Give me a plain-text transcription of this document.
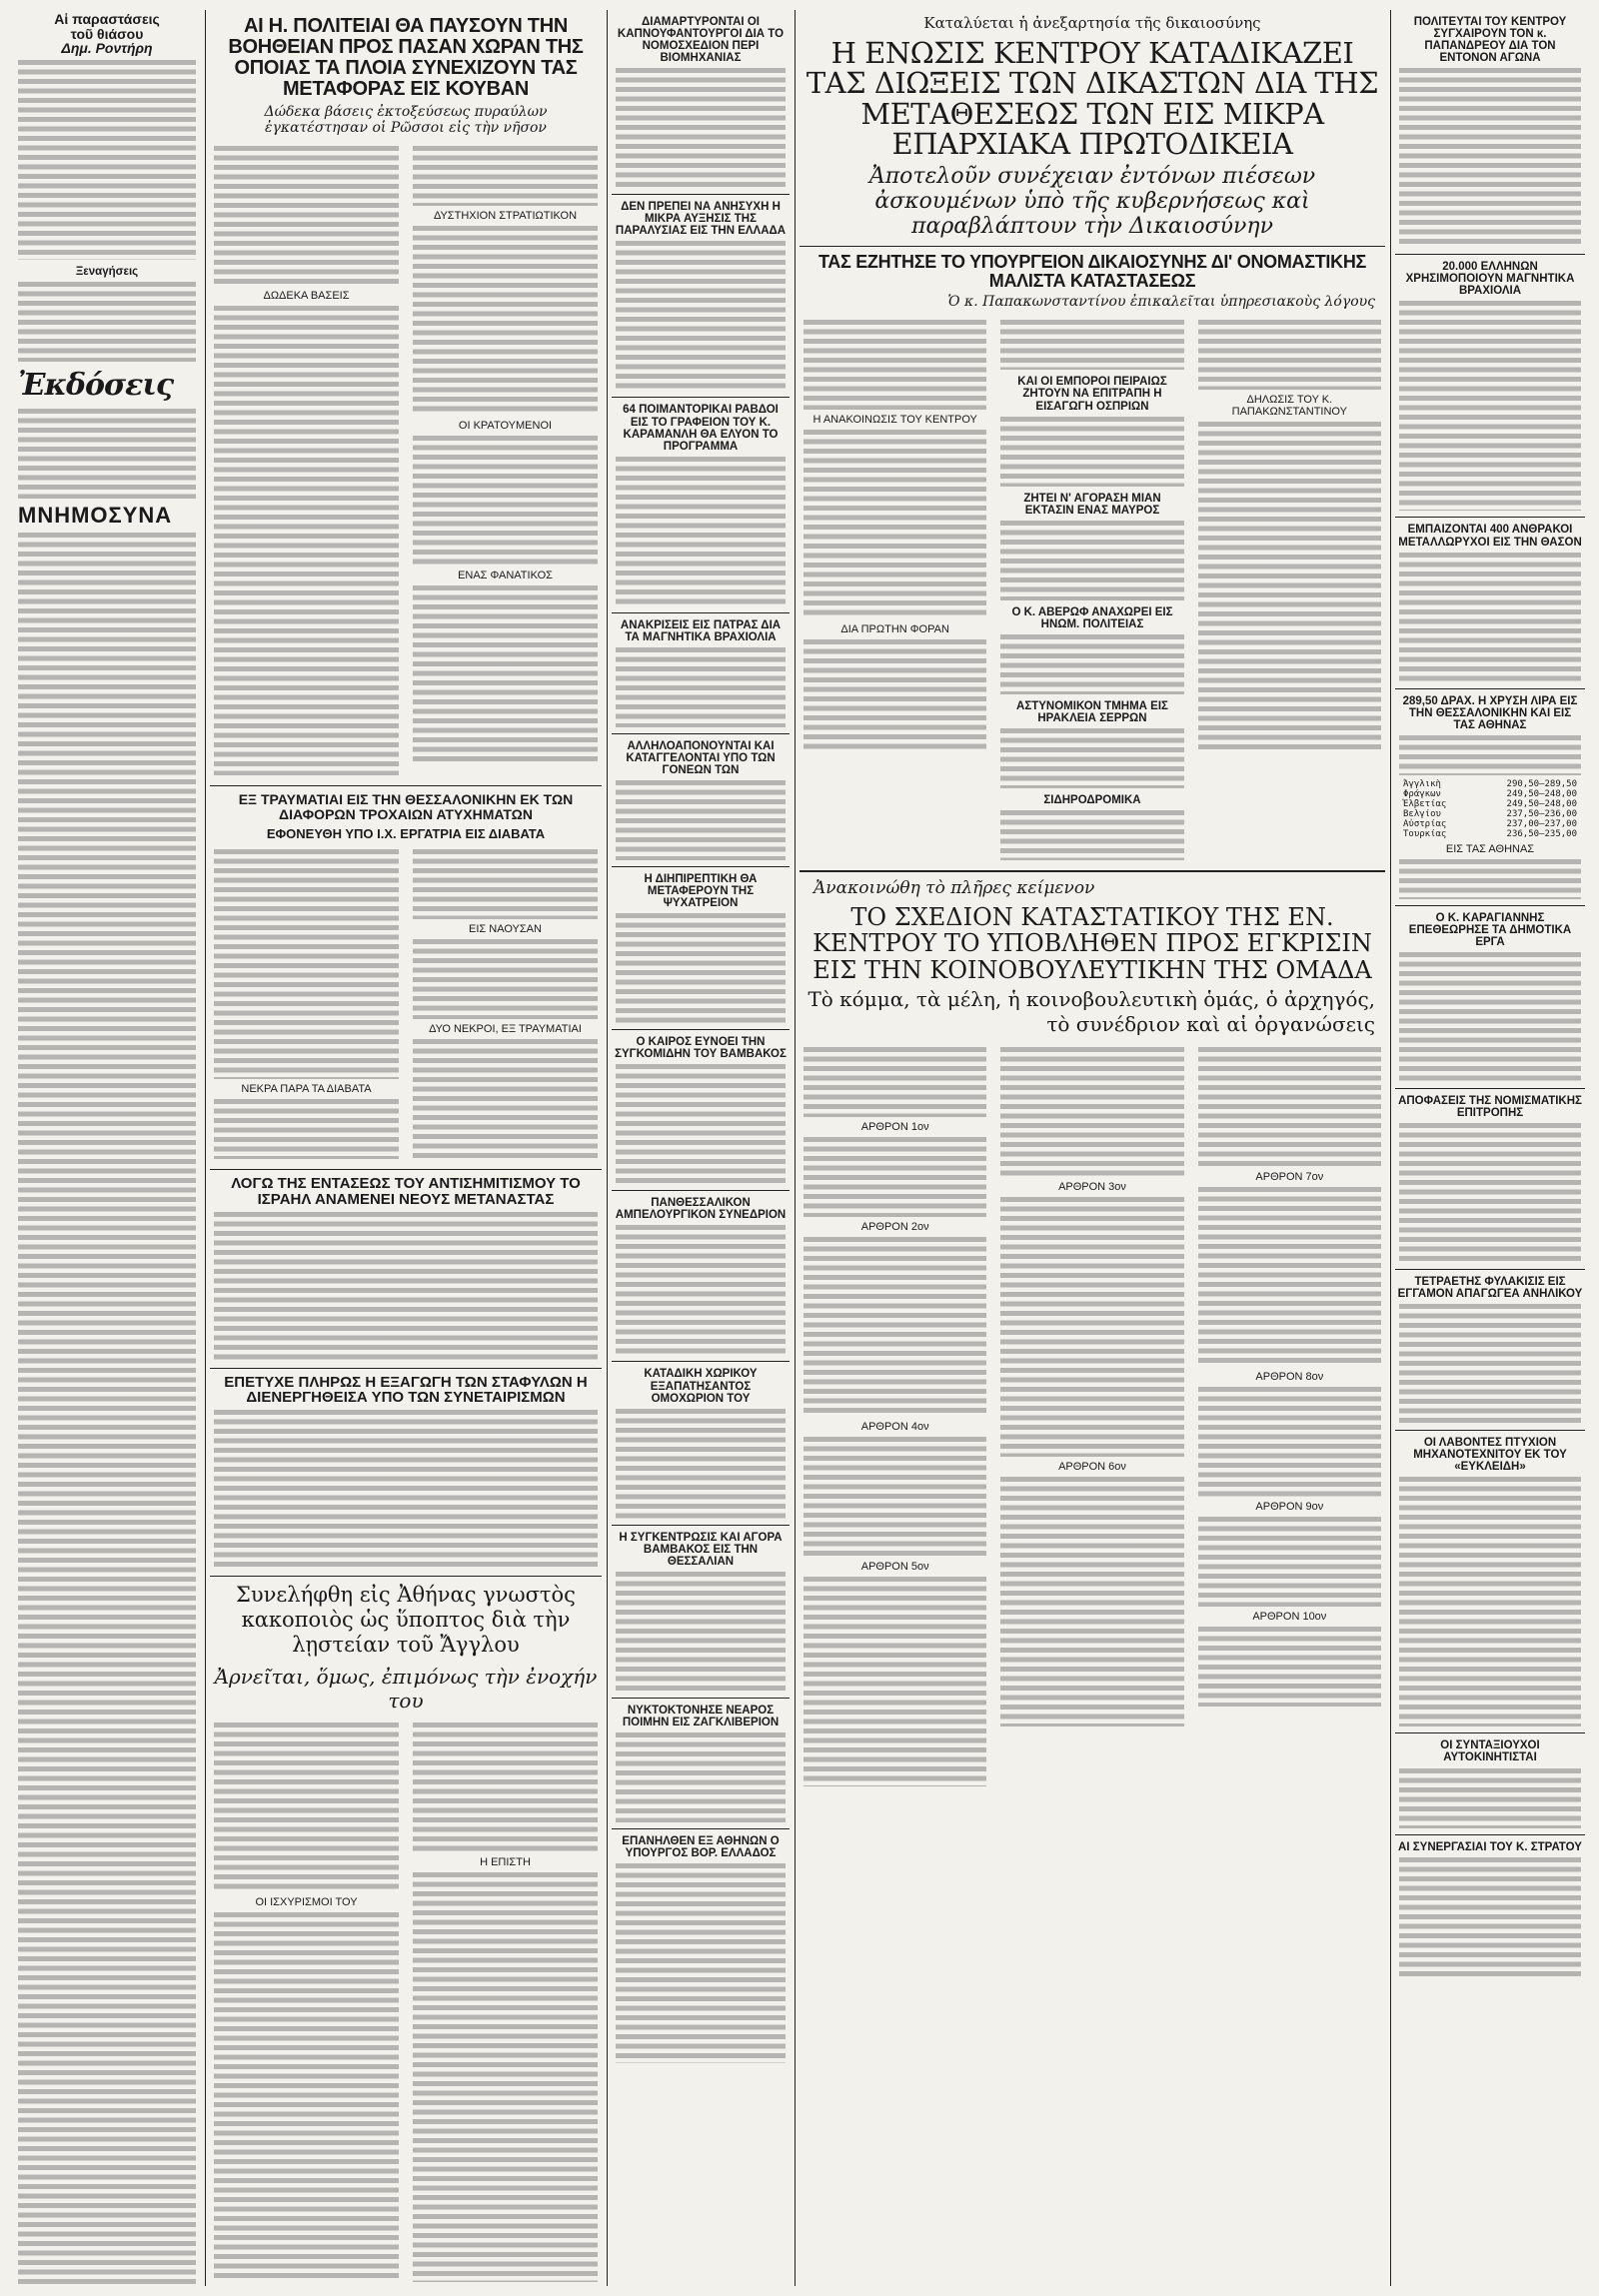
Αἱ παραστάσεις
τοῦ θιάσου
Δημ. Ροντήρη
Ξεναγήσεις
Ἐκδόσεις
ΜΝΗΜΟΣΥΝΑ
ΑΙ Η. ΠΟΛΙΤΕΙΑΙ ΘΑ ΠΑΥΣΟΥΝ ΤΗΝ ΒΟΗΘΕΙΑΝ ΠΡΟΣ ΠΑΣΑΝ ΧΩΡΑΝ ΤΗΣ ΟΠΟΙΑΣ ΤΑ ΠΛΟΙΑ ΣΥΝΕΧΙΖΟΥΝ ΤΑΣ ΜΕΤΑΦΟΡΑΣ ΕΙΣ ΚΟΥΒΑΝ
Δώδεκα βάσεις ἐκτοξεύσεως πυραύλων ἐγκατέστησαν οἱ Ρῶσσοι εἰς τὴν νῆσον
ΔΩΔΕΚΑ ΒΑΣΕΙΣ
ΔΥΣΤΗΧΙΟΝ ΣΤΡΑΤΙΩΤΙΚΟΝ
ΟΙ ΚΡΑΤΟΥΜΕΝΟΙ
ΕΝΑΣ ΦΑΝΑΤΙΚΟΣ
ΕΞ ΤΡΑΥΜΑΤΙΑΙ ΕΙΣ ΤΗΝ ΘΕΣΣΑΛΟΝΙΚΗΝ ΕΚ ΤΩΝ ΔΙΑΦΟΡΩΝ ΤΡΟΧΑΙΩΝ ΑΤΥΧΗΜΑΤΩΝ
ΕΦΟΝΕΥΘΗ ΥΠΟ Ι.Χ. ΕΡΓΑΤΡΙΑ ΕΙΣ ΔΙΑΒΑΤΑ
ΝΕΚΡΑ ΠΑΡΑ ΤΑ ΔΙΑΒΑΤΑ
ΕΙΣ ΝΑΟΥΣΑΝ
ΔΥΟ ΝΕΚΡΟΙ, ΕΞ ΤΡΑΥΜΑΤΙΑΙ
ΛΟΓΩ ΤΗΣ ΕΝΤΑΣΕΩΣ ΤΟΥ ΑΝΤΙΣΗΜΙΤΙΣΜΟΥ ΤΟ ΙΣΡΑΗΛ ΑΝΑΜΕΝΕΙ ΝΕΟΥΣ ΜΕΤΑΝΑΣΤΑΣ
ΕΠΕΤΥΧΕ ΠΛΗΡΩΣ Η ΕΞΑΓΩΓΗ ΤΩΝ ΣΤΑΦΥΛΩΝ Η ΔΙΕΝΕΡΓΗΘΕΙΣΑ ΥΠΟ ΤΩΝ ΣΥΝΕΤΑΙΡΙΣΜΩΝ
Συνελήφθη εἰς Ἀθήνας γνωστὸς κακοποιὸς ὡς ὕποπτος διὰ τὴν λῃστείαν τοῦ Ἄγγλου
Ἀρνεῖται, ὅμως, ἐπιμόνως τὴν ἐνοχήν του
ΟΙ ΙΣΧΥΡΙΣΜΟΙ ΤΟΥ
Η ΕΠΙΣΤΗ
ΔΙΑΜΑΡΤΥΡΟΝΤΑΙ ΟΙ ΚΑΠΝΟΥΦΑΝΤΟΥΡΓΟΙ ΔΙΑ ΤΟ ΝΟΜΟΣΧΕΔΙΟΝ ΠΕΡΙ ΒΙΟΜΗΧΑΝΙΑΣ
ΔΕΝ ΠΡΕΠΕΙ ΝΑ ΑΝΗΣΥΧΗ Η ΜΙΚΡΑ ΑΥΞΗΣΙΣ ΤΗΣ ΠΑΡΑΛΥΣΙΑΣ ΕΙΣ ΤΗΝ ΕΛΛΑΔΑ
64 ΠΟΙΜΑΝΤΟΡΙΚΑΙ ΡΑΒΔΟΙ ΕΙΣ ΤΟ ΓΡΑΦΕΙΟΝ ΤΟΥ Κ. ΚΑΡΑΜΑΝΛΗ ΘΑ ΕΛΥΟΝ ΤΟ ΠΡΟΓΡΑΜΜΑ
ΑΝΑΚΡΙΣΕΙΣ ΕΙΣ ΠΑΤΡΑΣ ΔΙΑ ΤΑ ΜΑΓΝΗΤΙΚΑ ΒΡΑΧΙΟΛΙΑ
ΑΛΛΗΛΟΑΠΟΝΟΥΝΤΑΙ ΚΑΙ ΚΑΤΑΓΓΕΛΟΝΤΑΙ ΥΠΟ ΤΩΝ ΓΟΝΕΩΝ ΤΩΝ
Η ΔΙΗΠΙΡΕΠΤΙΚΗ ΘΑ ΜΕΤΑΦΕΡΟΥΝ ΤΗΣ ΨΥΧΑΤΡΕΙΟΝ
Ο ΚΑΙΡΟΣ ΕΥΝΟΕΙ ΤΗΝ ΣΥΓΚΟΜΙΔΗΝ ΤΟΥ ΒΑΜΒΑΚΟΣ
ΠΑΝΘΕΣΣΑΛΙΚΟΝ ΑΜΠΕΛΟΥΡΓΙΚΟΝ ΣΥΝΕΔΡΙΟΝ
ΚΑΤΑΔΙΚΗ ΧΩΡΙΚΟΥ ΕΞΑΠΑΤΗΣΑΝΤΟΣ ΟΜΟΧΩΡΙΟΝ ΤΟΥ
Η ΣΥΓΚΕΝΤΡΩΣΙΣ ΚΑΙ ΑΓΟΡΑ ΒΑΜΒΑΚΟΣ ΕΙΣ ΤΗΝ ΘΕΣΣΑΛΙΑΝ
ΝΥΚΤΟΚΤΟΝΗΣΕ ΝΕΑΡΟΣ ΠΟΙΜΗΝ ΕΙΣ ΖΑΓΚΛΙΒΕΡΙΟΝ
ΕΠΑΝΗΛΘΕΝ ΕΞ ΑΘΗΝΩΝ Ο ΥΠΟΥΡΓΟΣ ΒΟΡ. ΕΛΛΑΔΟΣ
Καταλύεται ἡ ἀνεξαρτησία τῆς δικαιοσύνης
Η ΕΝΩΣΙΣ ΚΕΝΤΡΟΥ ΚΑΤΑΔΙΚΑΖΕΙ ΤΑΣ ΔΙΩΞΕΙΣ ΤΩΝ ΔΙΚΑΣΤΩΝ ΔΙΑ ΤΗΣ ΜΕΤΑΘΕΣΕΩΣ ΤΩΝ ΕΙΣ ΜΙΚΡΑ ΕΠΑΡΧΙΑΚΑ ΠΡΩΤΟΔΙΚΕΙΑ
Ἀποτελοῦν συνέχειαν ἐντόνων πιέσεων ἀσκουμένων ὑπὸ τῆς κυβερνήσεως καὶ παραβλάπτουν τὴν Δικαιοσύνην
ΤΑΣ ΕΖΗΤΗΣΕ ΤΟ ΥΠΟΥΡΓΕΙΟΝ ΔΙΚΑΙΟΣΥΝΗΣ ΔΙ' ΟΝΟΜΑΣΤΙΚΗΣ ΜΑΛΙΣΤΑ ΚΑΤΑΣΤΑΣΕΩΣ
Ὁ κ. Παπακωνσταντίνου ἐπικαλεῖται ὑπηρεσιακοὺς λόγους
Η ΑΝΑΚΟΙΝΩΣΙΣ ΤΟΥ ΚΕΝΤΡΟΥ
ΔΙΑ ΠΡΩΤΗΝ ΦΟΡΑΝ
ΚΑΙ ΟΙ ΕΜΠΟΡΟΙ ΠΕΙΡΑΙΩΣ ΖΗΤΟΥΝ ΝΑ ΕΠΙΤΡΑΠΗ Η ΕΙΣΑΓΩΓΗ ΟΣΠΡΙΩΝ
ΖΗΤΕΙ Ν' ΑΓΟΡΑΣΗ ΜΙΑΝ ΕΚΤΑΣΙΝ ΕΝΑΣ ΜΑΥΡΟΣ
Ο Κ. ΑΒΕΡΩΦ ΑΝΑΧΩΡΕΙ ΕΙΣ ΗΝΩΜ. ΠΟΛΙΤΕΙΑΣ
ΑΣΤΥΝΟΜΙΚΟΝ ΤΜΗΜΑ ΕΙΣ ΗΡΑΚΛΕΙΑ ΣΕΡΡΩΝ
ΣΙΔΗΡΟΔΡΟΜΙΚΑ
ΔΗΛΩΣΙΣ ΤΟΥ Κ. ΠΑΠΑΚΩΝΣΤΑΝΤΙΝΟΥ
Ἀνακοινώθη τὸ πλῆρες κείμενον
ΤΟ ΣΧΕΔΙΟΝ ΚΑΤΑΣΤΑΤΙΚΟΥ ΤΗΣ ΕΝ. ΚΕΝΤΡΟΥ ΤΟ ΥΠΟΒΛΗΘΕΝ ΠΡΟΣ ΕΓΚΡΙΣΙΝ ΕΙΣ ΤΗΝ ΚΟΙΝΟΒΟΥΛΕΥΤΙΚΗΝ ΤΗΣ ΟΜΑΔΑ
Τὸ κόμμα, τὰ μέλη, ἡ κοινοβουλευτικὴ ὁμάς, ὁ ἀρχηγός, τὸ συνέδριον καὶ αἱ ὀργανώσεις
ΑΡΘΡΟΝ 1ον
ΑΡΘΡΟΝ 2ον
ΑΡΘΡΟΝ 4ον
ΑΡΘΡΟΝ 5ον
ΑΡΘΡΟΝ 3ον
ΑΡΘΡΟΝ 6ον
ΑΡΘΡΟΝ 7ον
ΑΡΘΡΟΝ 8ον
ΑΡΘΡΟΝ 9ον
ΑΡΘΡΟΝ 10ον
ΠΟΛΙΤΕΥΤΑΙ ΤΟΥ ΚΕΝΤΡΟΥ ΣΥΓΧΑΙΡΟΥΝ ΤΟΝ κ. ΠΑΠΑΝΔΡΕΟΥ ΔΙΑ ΤΟΝ ΕΝΤΟΝΟΝ ΑΓΩΝΑ
20.000 ΕΛΛΗΝΩΝ ΧΡΗΣΙΜΟΠΟΙΟΥΝ ΜΑΓΝΗΤΙΚΑ ΒΡΑΧΙΟΛΙΑ
ΕΜΠΑΙΖΟΝΤΑΙ 400 ΑΝΘΡΑΚΟΙ ΜΕΤΑΛΛΩΡΥΧΟΙ ΕΙΣ ΤΗΝ ΘΑΣΟΝ
289,50 ΔΡΑΧ. Η ΧΡΥΣΗ ΛΙΡΑ ΕΙΣ ΤΗΝ ΘΕΣΣΑΛΟΝΙΚΗΝ ΚΑΙ ΕΙΣ ΤΑΣ ΑΘΗΝΑΣ
Ἀγγλικὴ	290,50—289,50
Φράγκων	249,50—248,00
Ἑλβετίας	249,50—248,00
Βελγίου	237,50—236,00
Αὐστρίας	237,00—237,00
Τουρκίας	236,50—235,00
ΕΙΣ ΤΑΣ ΑΘΗΝΑΣ
Ο Κ. ΚΑΡΑΓΙΑΝΝΗΣ ΕΠΕΘΕΩΡΗΣΕ ΤΑ ΔΗΜΟΤΙΚΑ ΕΡΓΑ
ΑΠΟΦΑΣΕΙΣ ΤΗΣ ΝΟΜΙΣΜΑΤΙΚΗΣ ΕΠΙΤΡΟΠΗΣ
ΤΕΤΡΑΕΤΗΣ ΦΥΛΑΚΙΣΙΣ ΕΙΣ ΕΓΓΑΜΟΝ ΑΠΑΓΩΓΕΑ ΑΝΗΛΙΚΟΥ
ΟΙ ΛΑΒΟΝΤΕΣ ΠΤΥΧΙΟΝ ΜΗΧΑΝΟΤΕΧΝΙΤΟΥ ΕΚ ΤΟΥ «ΕΥΚΛΕΙΔΗ»
ΟΙ ΣΥΝΤΑΞΙΟΥΧΟΙ ΑΥΤΟΚΙΝΗΤΙΣΤΑΙ
ΑΙ ΣΥΝΕΡΓΑΣΙΑΙ ΤΟΥ Κ. ΣΤΡΑΤΟΥ
